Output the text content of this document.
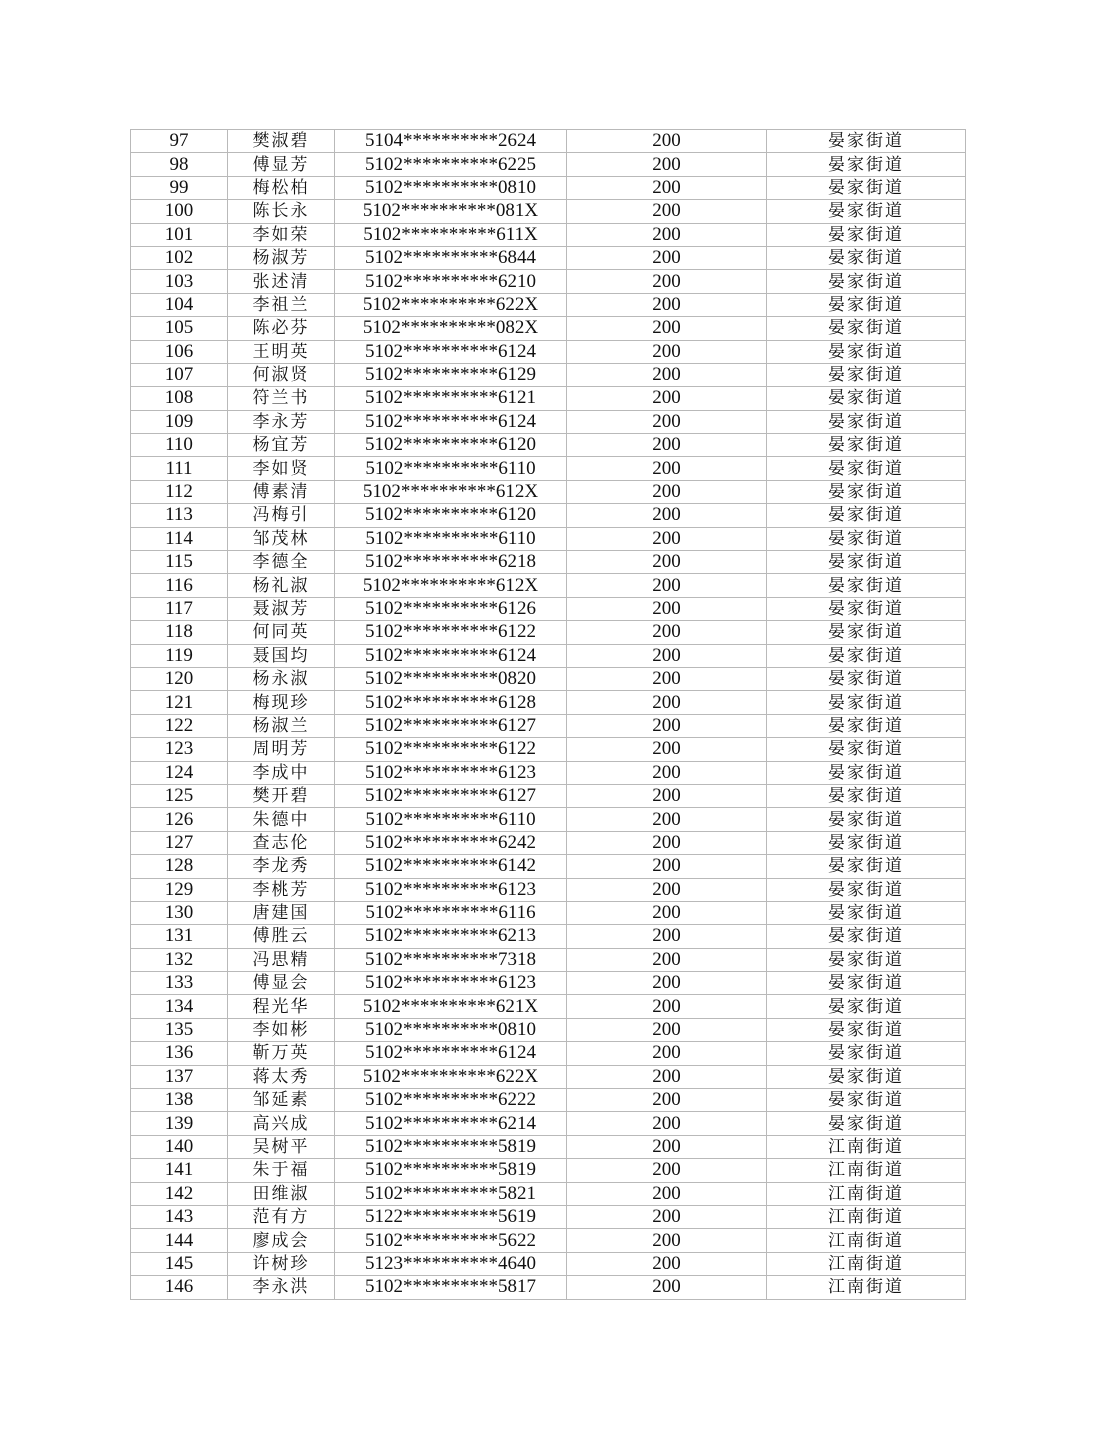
97	樊淑碧	5104**********2624	200	晏家街道
98	傅显芳	5102**********6225	200	晏家街道
99	梅松柏	5102**********0810	200	晏家街道
100	陈长永	5102**********081X	200	晏家街道
101	李如荣	5102**********611X	200	晏家街道
102	杨淑芳	5102**********6844	200	晏家街道
103	张述清	5102**********6210	200	晏家街道
104	李祖兰	5102**********622X	200	晏家街道
105	陈必芬	5102**********082X	200	晏家街道
106	王明英	5102**********6124	200	晏家街道
107	何淑贤	5102**********6129	200	晏家街道
108	符兰书	5102**********6121	200	晏家街道
109	李永芳	5102**********6124	200	晏家街道
110	杨宜芳	5102**********6120	200	晏家街道
111	李如贤	5102**********6110	200	晏家街道
112	傅素清	5102**********612X	200	晏家街道
113	冯梅引	5102**********6120	200	晏家街道
114	邹茂林	5102**********6110	200	晏家街道
115	李德全	5102**********6218	200	晏家街道
116	杨礼淑	5102**********612X	200	晏家街道
117	聂淑芳	5102**********6126	200	晏家街道
118	何同英	5102**********6122	200	晏家街道
119	聂国均	5102**********6124	200	晏家街道
120	杨永淑	5102**********0820	200	晏家街道
121	梅现珍	5102**********6128	200	晏家街道
122	杨淑兰	5102**********6127	200	晏家街道
123	周明芳	5102**********6122	200	晏家街道
124	李成中	5102**********6123	200	晏家街道
125	樊开碧	5102**********6127	200	晏家街道
126	朱德中	5102**********6110	200	晏家街道
127	查志伦	5102**********6242	200	晏家街道
128	李龙秀	5102**********6142	200	晏家街道
129	李桃芳	5102**********6123	200	晏家街道
130	唐建国	5102**********6116	200	晏家街道
131	傅胜云	5102**********6213	200	晏家街道
132	冯思精	5102**********7318	200	晏家街道
133	傅显会	5102**********6123	200	晏家街道
134	程光华	5102**********621X	200	晏家街道
135	李如彬	5102**********0810	200	晏家街道
136	靳万英	5102**********6124	200	晏家街道
137	蒋太秀	5102**********622X	200	晏家街道
138	邹延素	5102**********6222	200	晏家街道
139	高兴成	5102**********6214	200	晏家街道
140	吴树平	5102**********5819	200	江南街道
141	朱于福	5102**********5819	200	江南街道
142	田维淑	5102**********5821	200	江南街道
143	范有方	5122**********5619	200	江南街道
144	廖成会	5102**********5622	200	江南街道
145	许树珍	5123**********4640	200	江南街道
146	李永洪	5102**********5817	200	江南街道
